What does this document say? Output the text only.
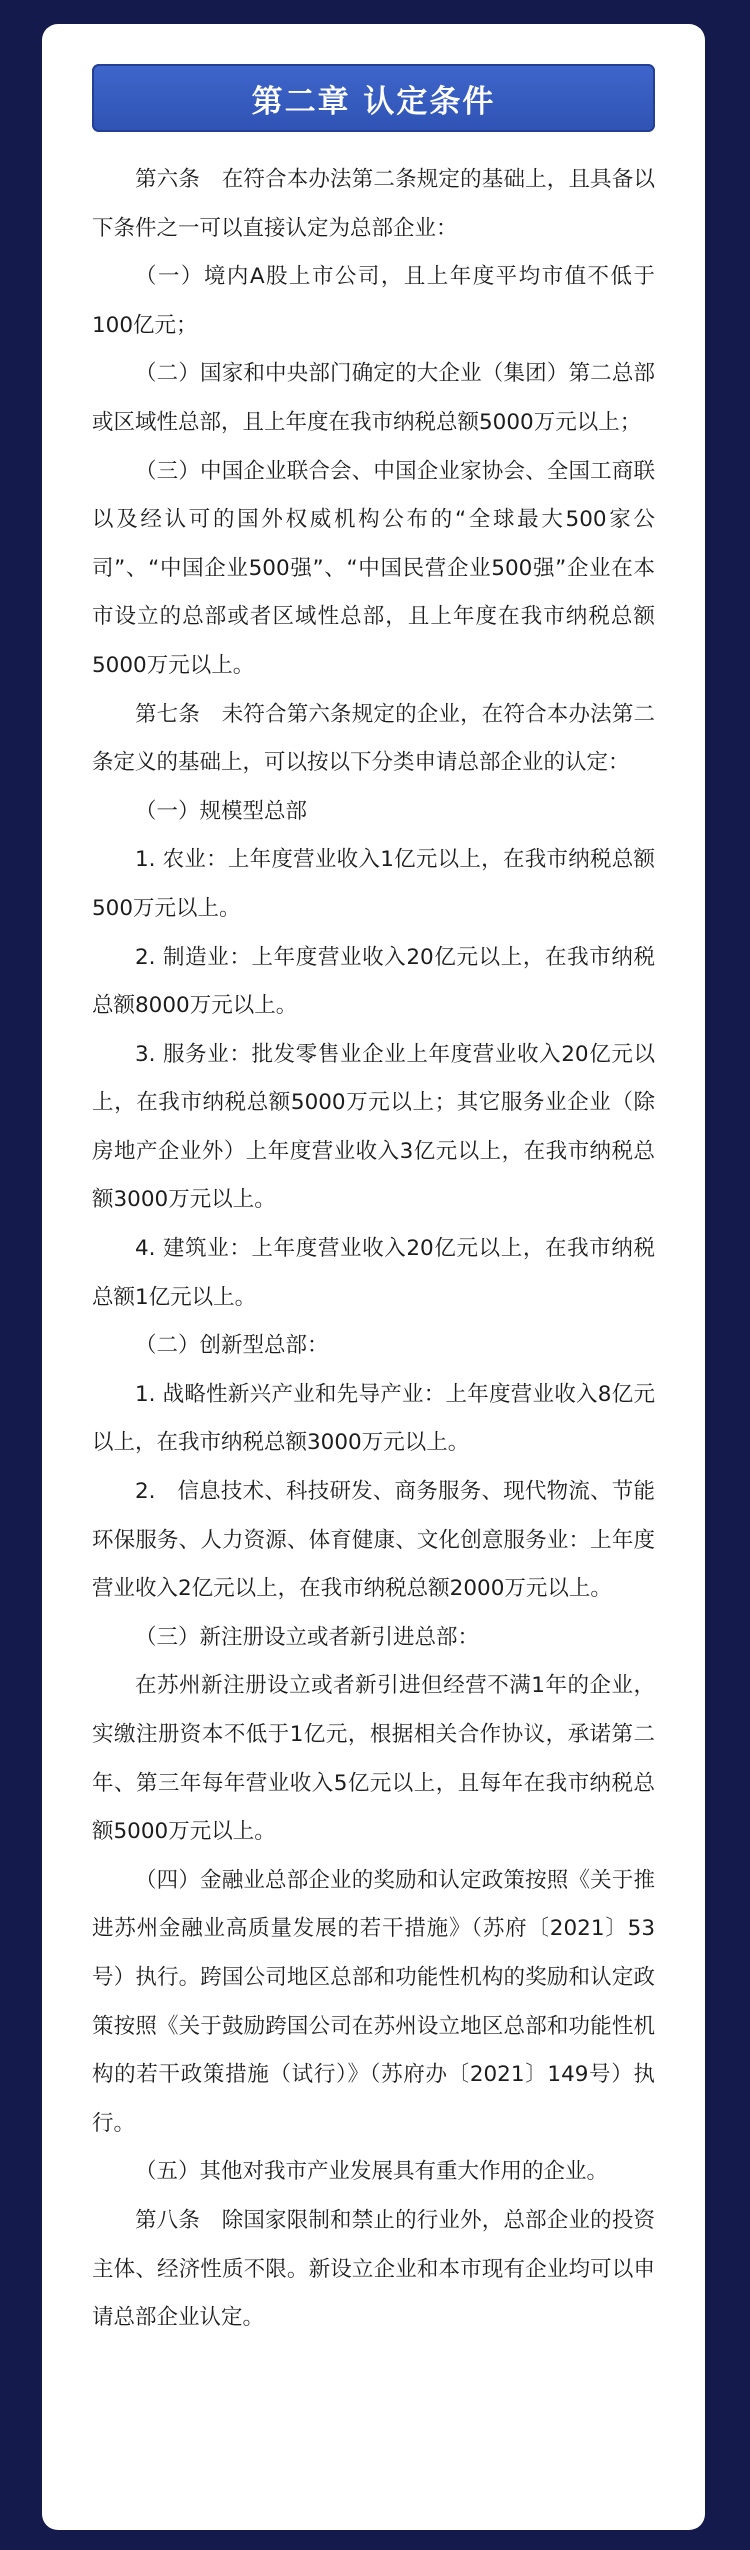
第二章 认定条件

第六条　在符合本办法第二条规定的基础上，且具备以下条件之一可以直接认定为总部企业：

（一）境内A股上市公司，且上年度平均市值不低于100亿元；

（二）国家和中央部门确定的大企业（集团）第二总部或区域性总部，且上年度在我市纳税总额5000万元以上；

（三）中国企业联合会、中国企业家协会、全国工商联以及经认可的国外权威机构公布的“全球最大500家公司”、“中国企业500强”、“中国民营企业500强”企业在本市设立的总部或者区域性总部，且上年度在我市纳税总额5000万元以上。

第七条　未符合第六条规定的企业，在符合本办法第二条定义的基础上，可以按以下分类申请总部企业的认定：

（一）规模型总部

1. 农业：上年度营业收入1亿元以上，在我市纳税总额500万元以上。

2. 制造业：上年度营业收入20亿元以上，在我市纳税总额8000万元以上。

3. 服务业：批发零售业企业上年度营业收入20亿元以上，在我市纳税总额5000万元以上；其它服务业企业（除房地产企业外）上年度营业收入3亿元以上，在我市纳税总额3000万元以上。

4. 建筑业：上年度营业收入20亿元以上，在我市纳税总额1亿元以上。

（二）创新型总部：

1. 战略性新兴产业和先导产业：上年度营业收入8亿元以上，在我市纳税总额3000万元以上。

2.　信息技术、科技研发、商务服务、现代物流、节能环保服务、人力资源、体育健康、文化创意服务业：上年度营业收入2亿元以上，在我市纳税总额2000万元以上。

（三）新注册设立或者新引进总部：

在苏州新注册设立或者新引进但经营不满1年的企业，实缴注册资本不低于1亿元，根据相关合作协议，承诺第二年、第三年每年营业收入5亿元以上，且每年在我市纳税总额5000万元以上。

（四）金融业总部企业的奖励和认定政策按照《关于推进苏州金融业高质量发展的若干措施》（苏府〔2021〕53号）执行。跨国公司地区总部和功能性机构的奖励和认定政策按照《关于鼓励跨国公司在苏州设立地区总部和功能性机构的若干政策措施（试行）》（苏府办〔2021〕149号）执行。

（五）其他对我市产业发展具有重大作用的企业。

第八条　除国家限制和禁止的行业外，总部企业的投资主体、经济性质不限。新设立企业和本市现有企业均可以申请总部企业认定。
